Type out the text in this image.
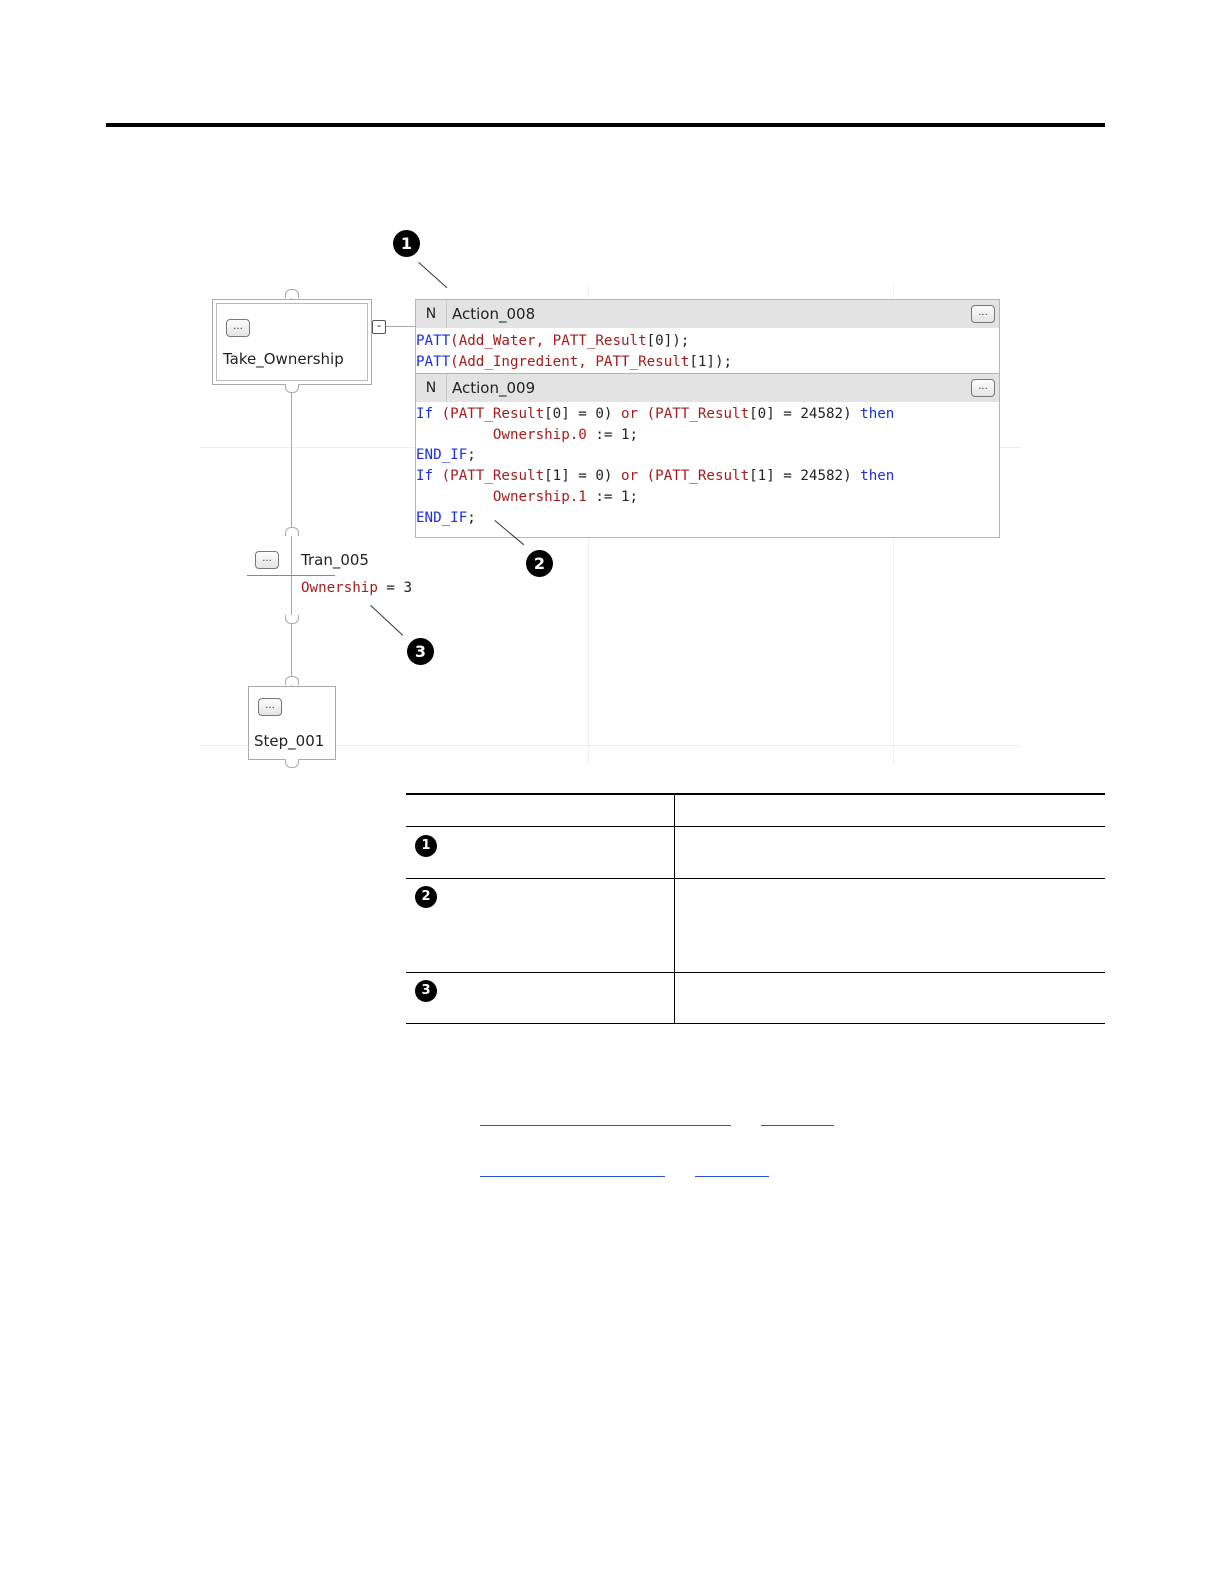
...
Take_Ownership
-
N	Action_008	...
PATT(Add_Water, PATT_Result[0]);
PATT(Add_Ingredient, PATT_Result[1]);
N	Action_009	...
If (PATT_Result[0] = 0) or (PATT_Result[0] = 24582) then
Ownership.0 := 1;
END_IF;
If (PATT_Result[1] = 0) or (PATT_Result[1] = 24582) then
Ownership.1 := 1;
END_IF;
...	Tran_005
Ownership = 3
...
Step_001
1
2
3
1
2
3
